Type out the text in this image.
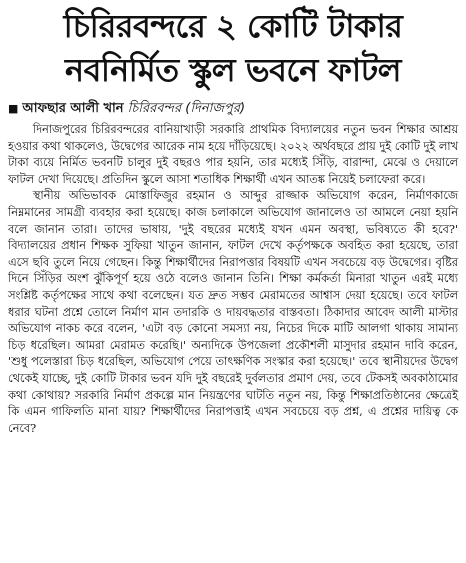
চিরিরবন্দরে ২ কোটি টাকার
নবনির্মিত স্কুল ভবনে ফাটল
■ আফছার আলী খান চিরিরবন্দর (দিনাজপুর)

দিনাজপুরের চিরিরবন্দরের বানিয়াখাড়ী সরকারি প্রাথমিক বিদ্যালয়ের নতুন ভবন শিক্ষার আশ্রয় হওয়ার কথা থাকলেও, উদ্বেগের আরেক নাম হয়ে দাঁড়িয়েছে। ২০২২ অর্থবছরে প্রায় দুই কোটি দুই লাখ টাকা ব্যয়ে নির্মিত ভবনটি চালুর দুই বছরও পার হয়নি, তার মধ্যেই সিঁড়ি, বারান্দা, মেঝে ও দেয়ালে ফাটল দেখা দিয়েছে। প্রতিদিন স্কুলে আসা শতাধিক শিক্ষার্থী এখন আতঙ্ক নিয়েই চলাফেরা করে।

স্থানীয় অভিভাবক মোস্তাফিজুর রহমান ও আব্দুর রাজ্জাক অভিযোগ করেন, নির্মাণকাজে নিম্নমানের সামগ্রী ব্যবহার করা হয়েছে। কাজ চলাকালে অভিযোগ জানালেও তা আমলে নেয়া হয়নি বলে জানান তারা। তাদের ভাষায়, 'দুই বছরের মধ্যেই যখন এমন অবস্থা, ভবিষ্যতে কী হবে?' বিদ্যালয়ের প্রধান শিক্ষক সুফিয়া খাতুন জানান, ফাটল দেখে কর্তৃপক্ষকে অবহিত করা হয়েছে, তারা এসে ছবি তুলে নিয়ে গেছেন। কিন্তু শিক্ষার্থীদের নিরাপত্তার বিষয়টি এখন সবচেয়ে বড় উদ্বেগের। বৃষ্টির দিনে সিঁড়ির অংশ ঝুঁকিপূর্ণ হয়ে ওঠে বলেও জানান তিনি। শিক্ষা কর্মকর্তা মিনারা খাতুন এরই মধ্যে সংশ্লিষ্ট কর্তৃপক্ষের সাথে কথা বলেছেন। যত দ্রুত সম্ভব মেরামতের আশ্বাস দেয়া হয়েছে। তবে ফাটল ধরার ঘটনা প্রশ্নে তোলে নির্মাণ মান তদারকি ও দায়বদ্ধতার বাস্তবতা। ঠিকাদার আবেদ আলী মাস্টার অভিযোগ নাকচ করে বলেন, 'এটা বড় কোনো সমস্যা নয়, নিচের দিকে মাটি আলগা থাকায় সামান্য চিড় ধরেছিল। আমরা মেরামত করেছি।' অন্যদিকে উপজেলা প্রকৌশলী মাসুদার রহমান দাবি করেন, 'শুধু পলেস্তারা চিড় ধরেছিল, অভিযোগ পেয়ে তাৎক্ষণিক সংস্কার করা হয়েছে।' তবে স্থানীয়দের উদ্বেগ থেকেই যাচ্ছে, দুই কোটি টাকার ভবন যদি দুই বছরেই দুর্বলতার প্রমাণ দেয়, তবে টেকসই অবকাঠামোর কথা কোথায়? সরকারি নির্মাণ প্রকল্পে মান নিয়ন্ত্রণের ঘাটতি নতুন নয়, কিন্তু শিক্ষাপ্রতিষ্ঠানের ক্ষেত্রেই কি এমন গাফিলতি মানা যায়? শিক্ষার্থীদের নিরাপত্তাই এখন সবচেয়ে বড় প্রশ্ন, এ প্রশ্নের দায়িত্ব কে নেবে?
